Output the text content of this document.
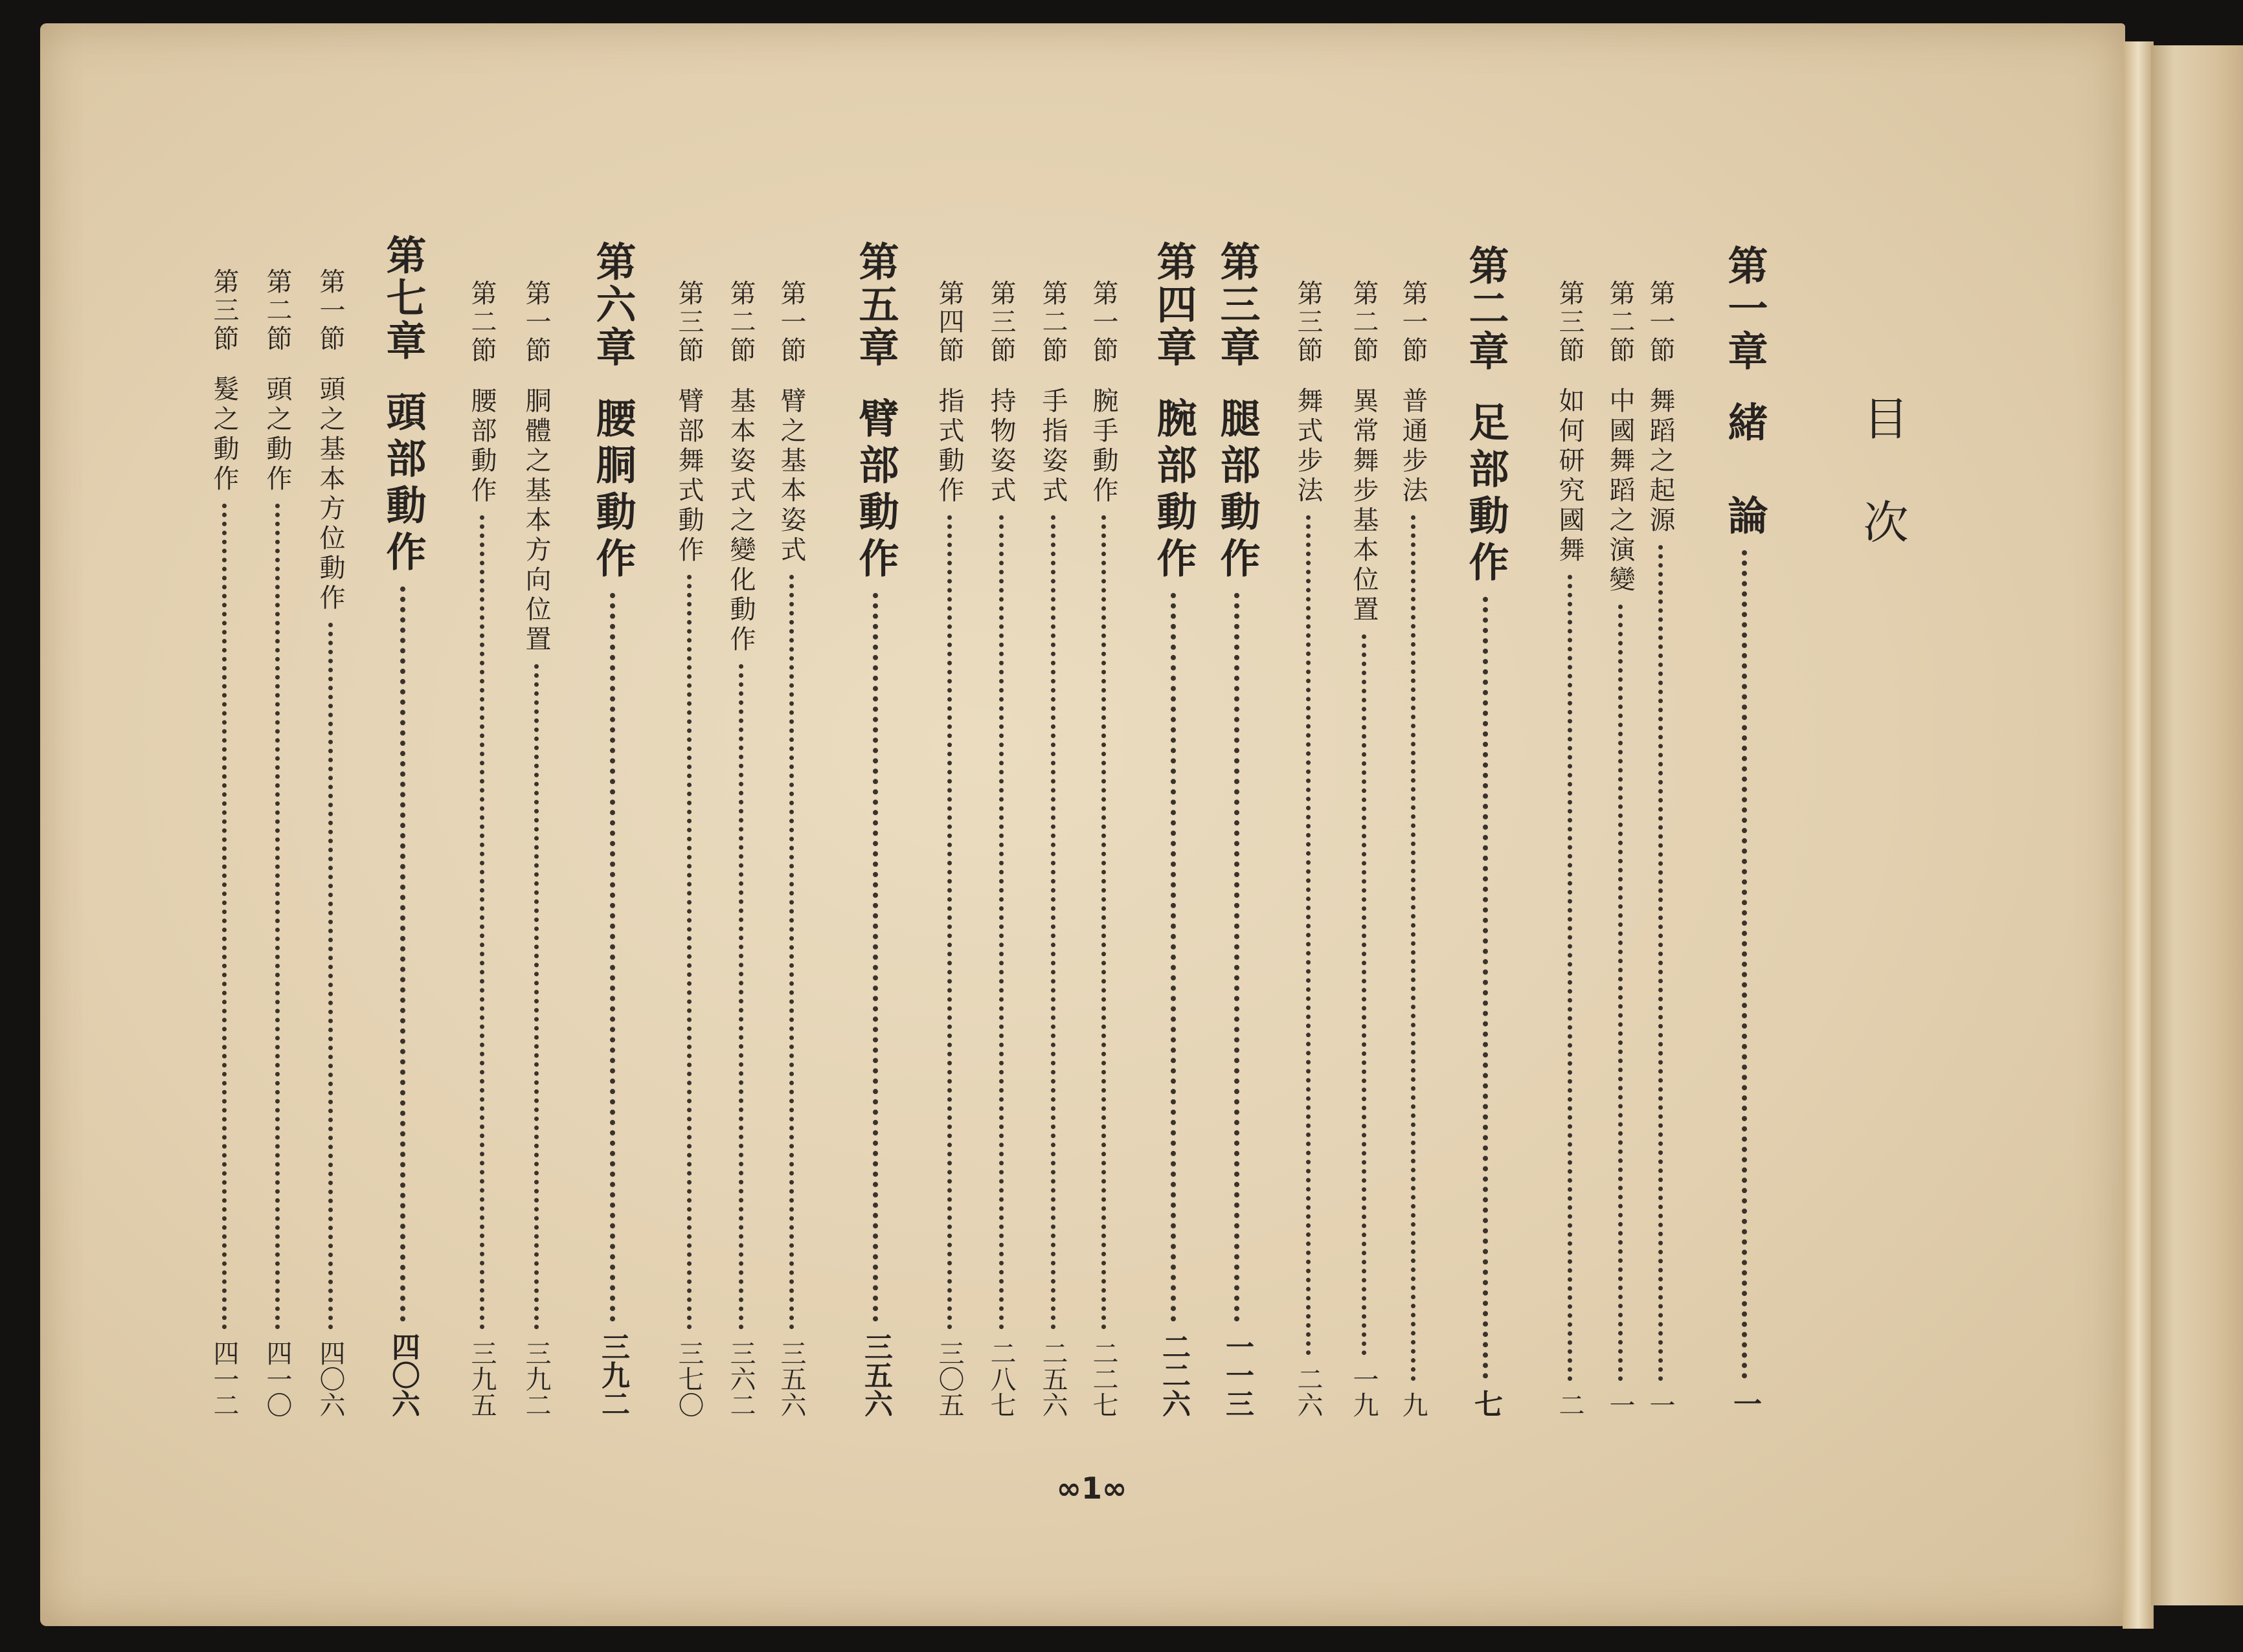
目次
第一章
緒　論
一
第一節
舞蹈之起源
一
第二節
中國舞蹈之演變
一
第三節
如何研究國舞
二
第二章
足部動作
七
第一節
普通步法
九
第二節
異常舞步基本位置
一九
第三節
舞式步法
二六
第三章
腿部動作
一一三
第四章
腕部動作
二二六
第一節
腕手動作
二二七
第二節
手指姿式
二五六
第三節
持物姿式
二八七
第四節
指式動作
三〇五
第五章
臂部動作
三五六
第一節
臂之基本姿式
三五六
第二節
基本姿式之變化動作
三六二
第三節
臂部舞式動作
三七〇
第六章
腰胴動作
三九二
第一節
胴體之基本方向位置
三九二
第二節
腰部動作
三九五
第七章
頭部動作
四〇六
第一節
頭之基本方位動作
四〇六
第二節
頭之動作
四一〇
第三節
髮之動作
四一二
∞1∞
